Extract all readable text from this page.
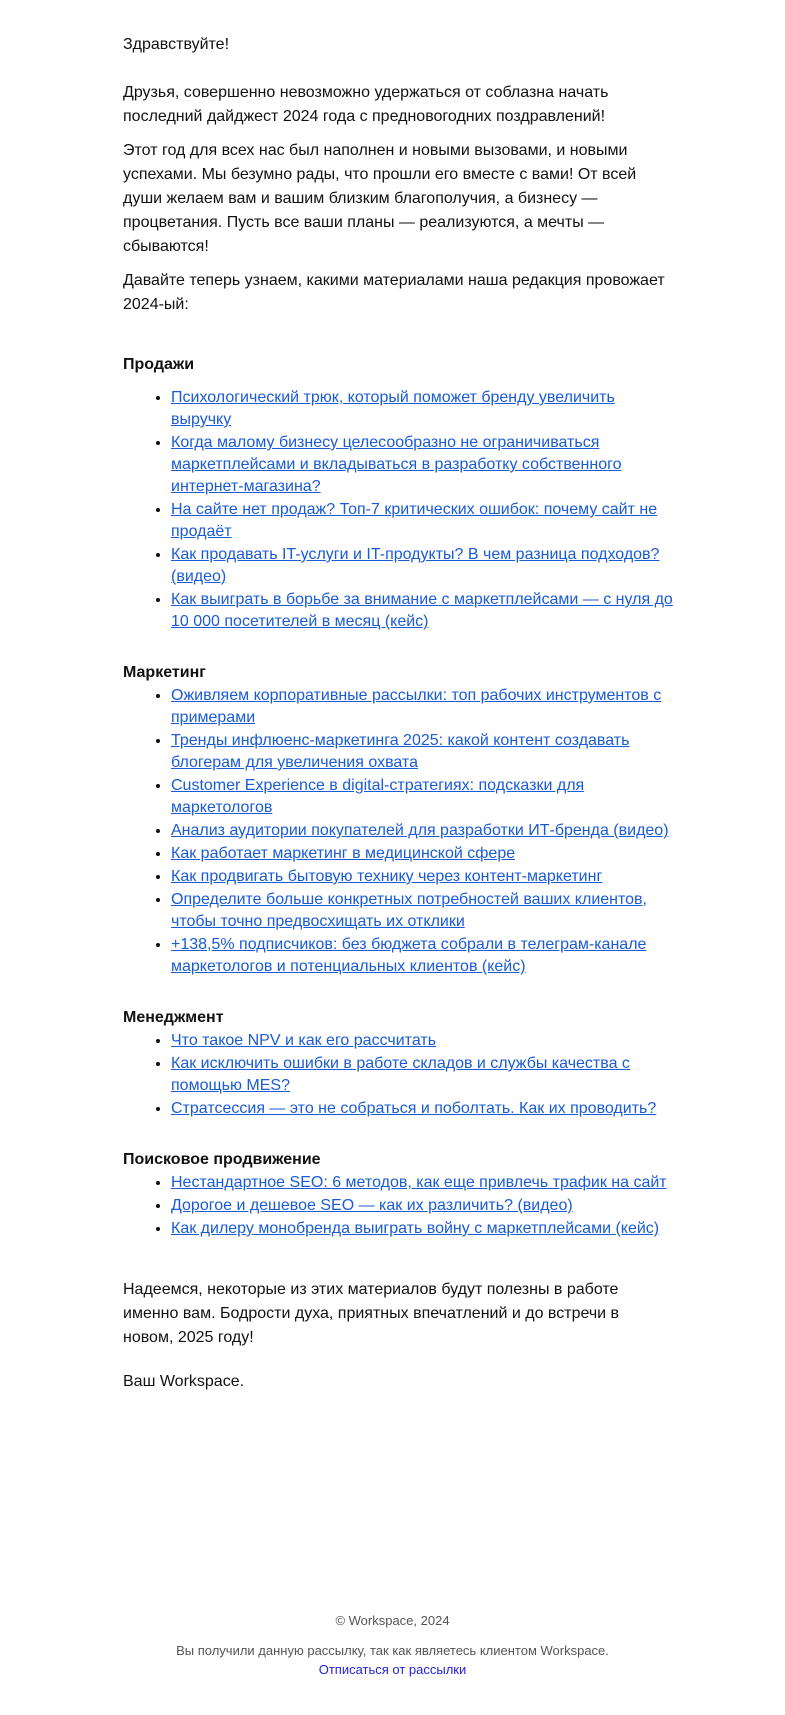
Здравствуйте!

Друзья, совершенно невозможно удержаться от соблазна начать последний дайджест 2024 года с предновогодних поздравлений!

Этот год для всех нас был наполнен и новыми вызовами, и новыми успехами. Мы безумно рады, что прошли его вместе с вами! От всей души желаем вам и вашим близким благополучия, а бизнесу — процветания. Пусть все ваши планы — реализуются, а мечты — сбываются!

Давайте теперь узнаем, какими материалами наша редакция провожает 2024-ый:

Продажи

• Психологический трюк, который поможет бренду увеличить выручку
• Когда малому бизнесу целесообразно не ограничиваться маркетплейсами и вкладываться в разработку собственного интернет-магазина?
• На сайте нет продаж? Топ-7 критических ошибок: почему сайт не продаёт
• Как продавать IT-услуги и IT-продукты? В чем разница подходов? (видео)
• Как выиграть в борьбе за внимание с маркетплейсами — с нуля до 10 000 посетителей в месяц (кейс)

Маркетинг

• Оживляем корпоративные рассылки: топ рабочих инструментов с примерами
• Тренды инфлюенс-маркетинга 2025: какой контент создавать блогерам для увеличения охвата
• Customer Experience в digital-стратегиях: подсказки для маркетологов
• Анализ аудитории покупателей для разработки ИТ-бренда (видео)
• Как работает маркетинг в медицинской сфере
• Как продвигать бытовую технику через контент-маркетинг
• Определите больше конкретных потребностей ваших клиентов, чтобы точно предвосхищать их отклики
• +138,5% подписчиков: без бюджета собрали в телеграм-канале маркетологов и потенциальных клиентов (кейс)

Менеджмент

• Что такое NPV и как его рассчитать
• Как исключить ошибки в работе складов и службы качества с помощью MES?
• Стратсессия — это не собраться и поболтать. Как их проводить?

Поисковое продвижение

• Нестандартное SEO: 6 методов, как еще привлечь трафик на сайт
• Дорогое и дешевое SEO — как их различить? (видео)
• Как дилеру монобренда выиграть войну с маркетплейсами (кейс)

Надеемся, некоторые из этих материалов будут полезны в работе именно вам. Бодрости духа, приятных впечатлений и до встречи в новом, 2025 году!

Ваш Workspace.

© Workspace, 2024

Вы получили данную рассылку, так как являетесь клиентом Workspace.

Отписаться от рассылки
